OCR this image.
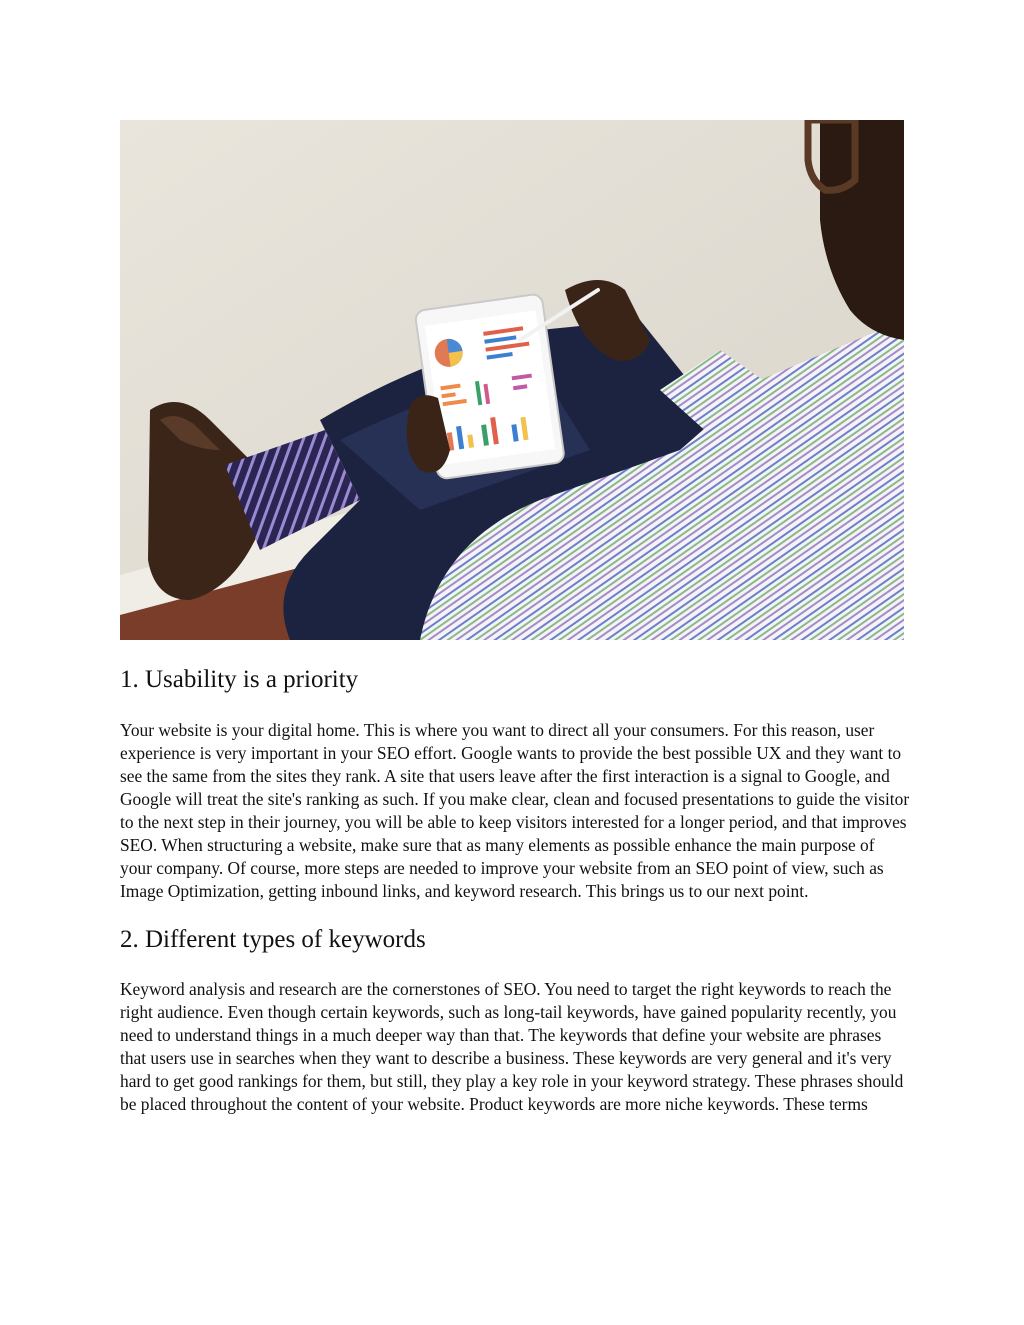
1. Usability is a priority

Your website is your digital home. This is where you want to direct all your consumers. For this reason, user experience is very important in your SEO effort. Google wants to provide the best possible UX and they want to see the same from the sites they rank. A site that users leave after the first interaction is a signal to Google, and Google will treat the site's ranking as such. If you make clear, clean and focused presentations to guide the visitor to the next step in their journey, you will be able to keep visitors interested for a longer period, and that improves SEO. When structuring a website, make sure that as many elements as possible enhance the main purpose of your company. Of course, more steps are needed to improve your website from an SEO point of view, such as Image Optimization, getting inbound links, and keyword research. This brings us to our next point.

2. Different types of keywords

Keyword analysis and research are the cornerstones of SEO. You need to target the right keywords to reach the right audience. Even though certain keywords, such as long-tail keywords, have gained popularity recently, you need to understand things in a much deeper way than that. The keywords that define your website are phrases that users use in searches when they want to describe a business. These keywords are very general and it's very hard to get good rankings for them, but still, they play a key role in your keyword strategy. These phrases should be placed throughout the content of your website. Product keywords are more niche keywords. These terms
